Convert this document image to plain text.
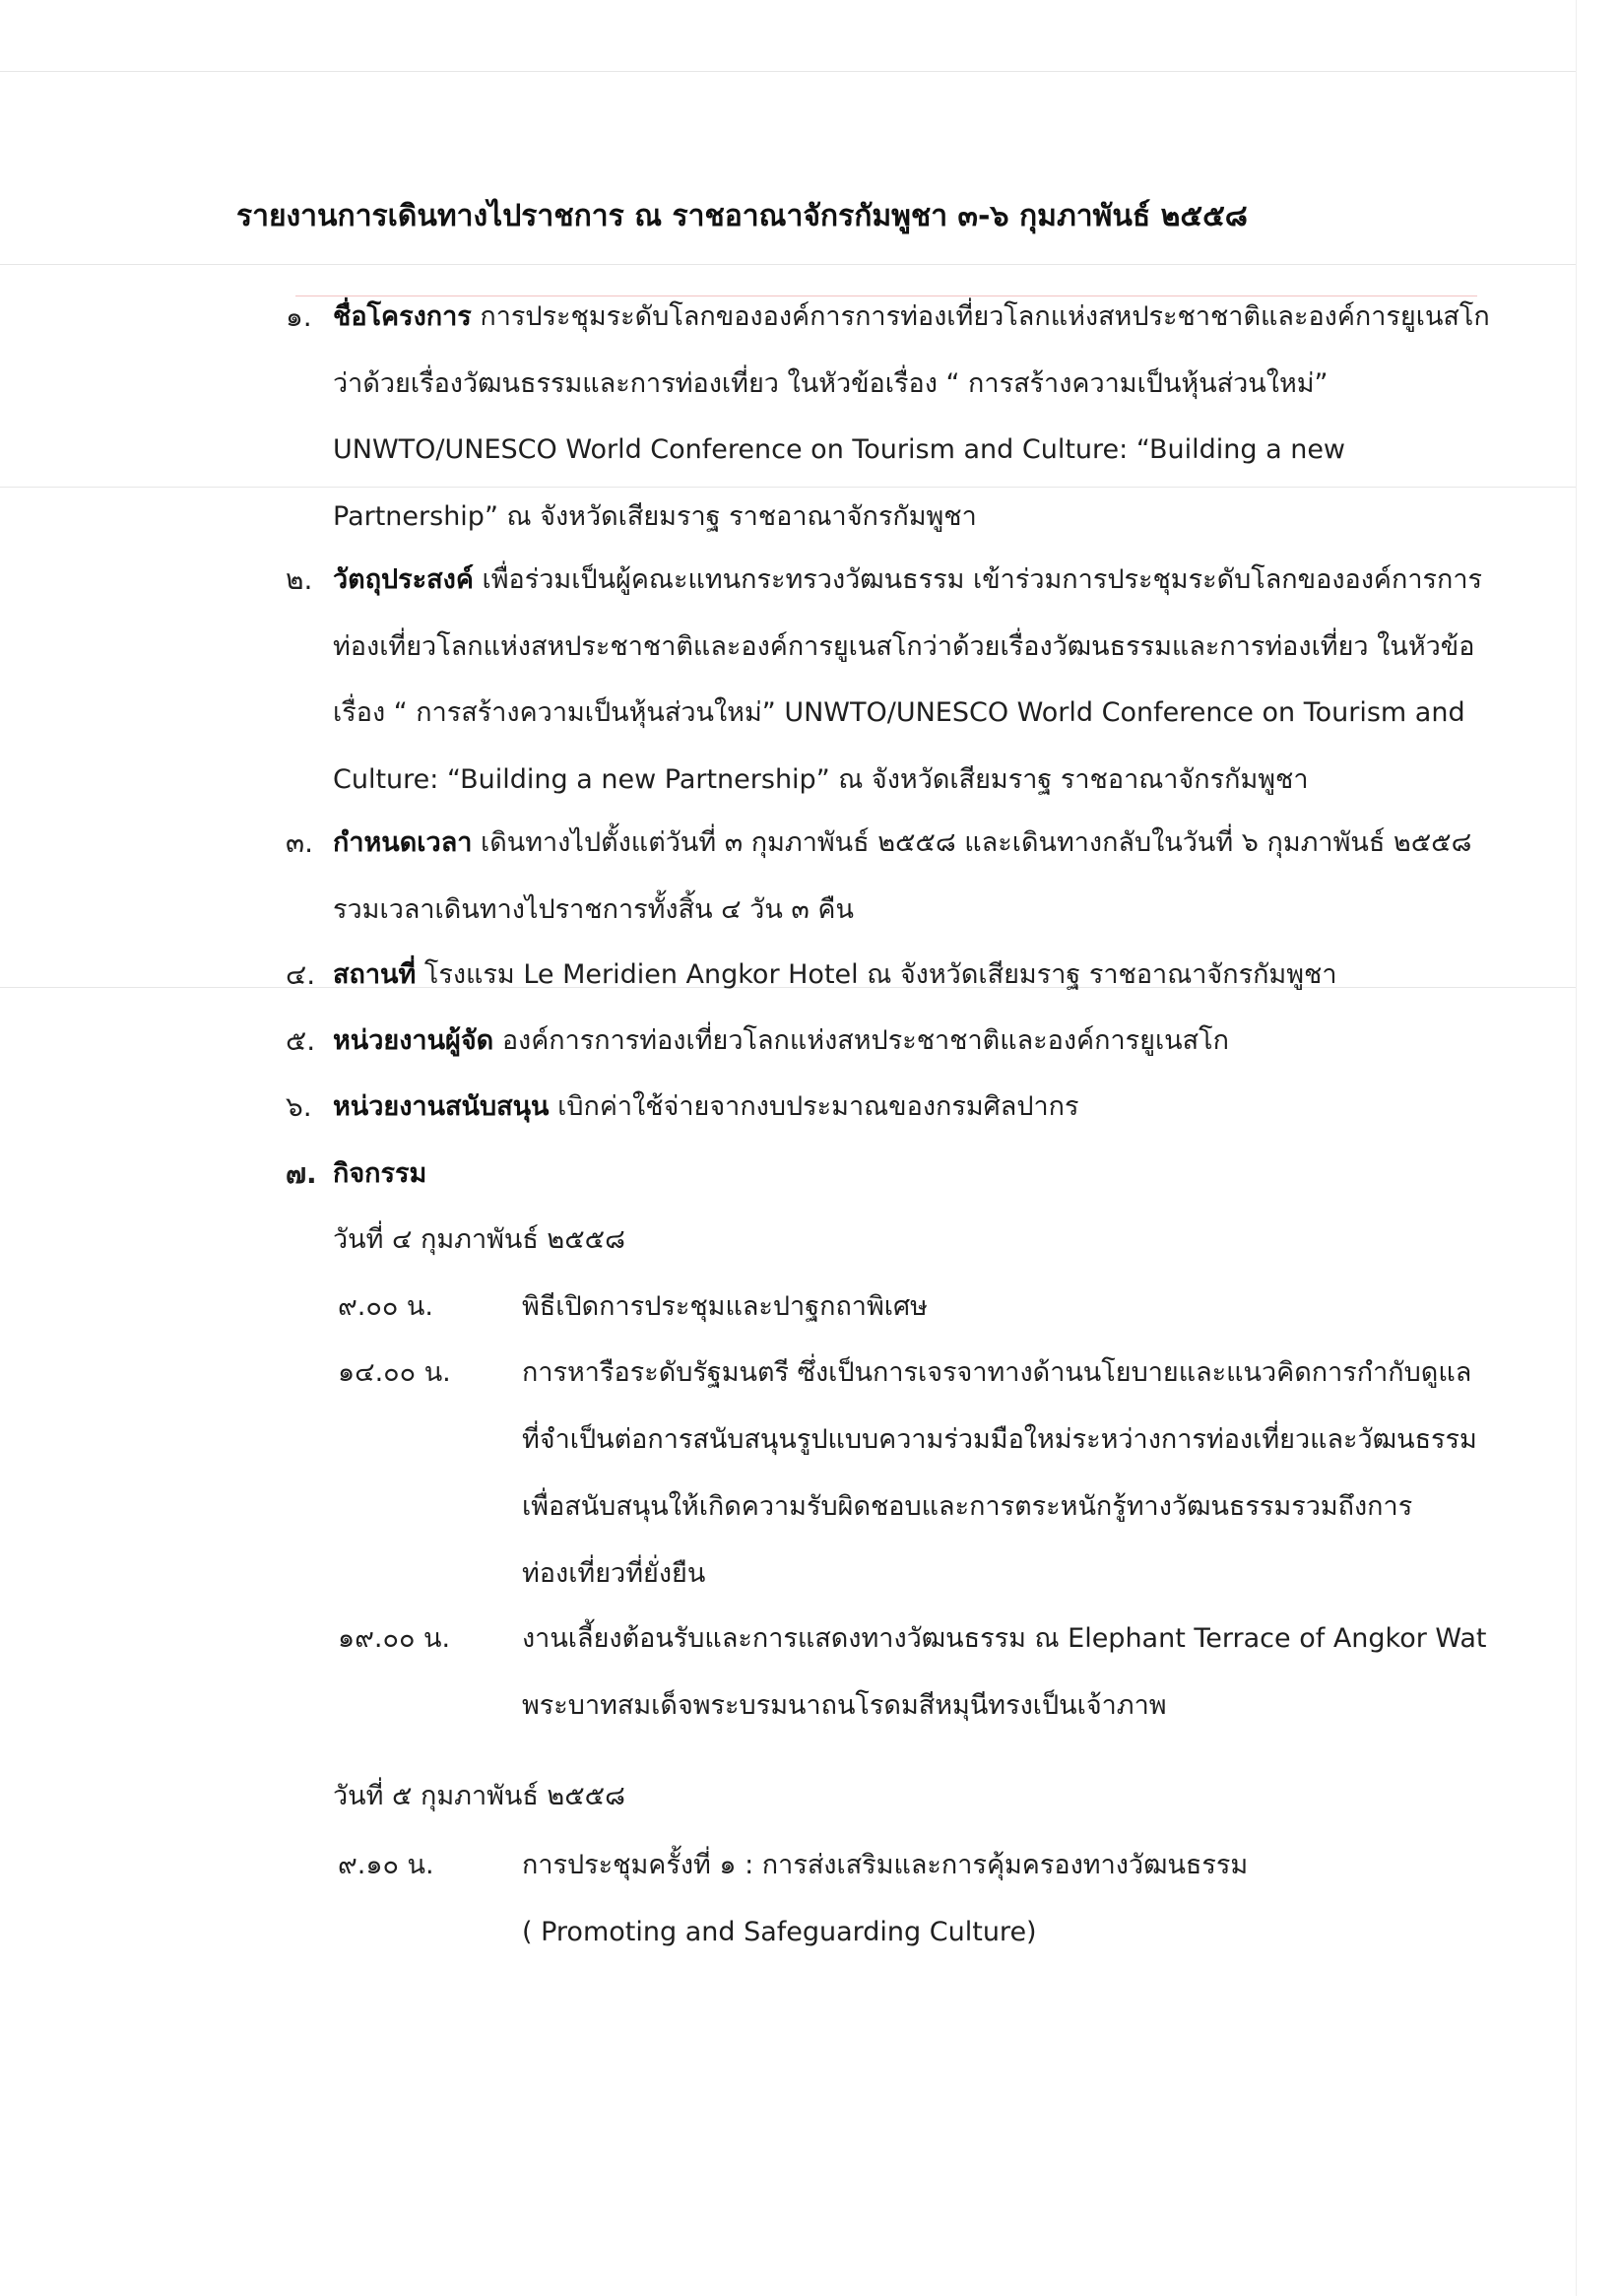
รายงานการเดินทางไปราชการ ณ ราชอาณาจักรกัมพูชา ๓-๖ กุมภาพันธ์ ๒๕๕๘
๑. ชื่อโครงการ การประชุมระดับโลกขององค์การการท่องเที่ยวโลกแห่งสหประชาชาติและองค์การยูเนสโก
ว่าด้วยเรื่องวัฒนธรรมและการท่องเที่ยว ในหัวข้อเรื่อง “ การสร้างความเป็นหุ้นส่วนใหม่”
UNWTO/UNESCO World Conference on Tourism and Culture: “Building a new
Partnership” ณ จังหวัดเสียมราฐ ราชอาณาจักรกัมพูชา
๒. วัตถุประสงค์ เพื่อร่วมเป็นผู้คณะแทนกระทรวงวัฒนธรรม เข้าร่วมการประชุมระดับโลกขององค์การการ
ท่องเที่ยวโลกแห่งสหประชาชาติและองค์การยูเนสโกว่าด้วยเรื่องวัฒนธรรมและการท่องเที่ยว ในหัวข้อ
เรื่อง “ การสร้างความเป็นหุ้นส่วนใหม่” UNWTO/UNESCO World Conference on Tourism and
Culture: “Building a new Partnership” ณ จังหวัดเสียมราฐ ราชอาณาจักรกัมพูชา
๓. กำหนดเวลา เดินทางไปตั้งแต่วันที่ ๓ กุมภาพันธ์ ๒๕๕๘ และเดินทางกลับในวันที่ ๖ กุมภาพันธ์ ๒๕๕๘
รวมเวลาเดินทางไปราชการทั้งสิ้น ๔ วัน ๓ คืน
๔. สถานที่ โรงแรม Le Meridien Angkor Hotel ณ จังหวัดเสียมราฐ ราชอาณาจักรกัมพูชา
๕. หน่วยงานผู้จัด องค์การการท่องเที่ยวโลกแห่งสหประชาชาติและองค์การยูเนสโก
๖. หน่วยงานสนับสนุน เบิกค่าใช้จ่ายจากงบประมาณของกรมศิลปากร
๗. กิจกรรม
วันที่ ๔ กุมภาพันธ์ ๒๕๕๘
๙.๐๐ น.	พิธีเปิดการประชุมและปาฐกถาพิเศษ
๑๔.๐๐ น.	การหารือระดับรัฐมนตรี ซึ่งเป็นการเจรจาทางด้านนโยบายและแนวคิดการกำกับดูแล
ที่จำเป็นต่อการสนับสนุนรูปแบบความร่วมมือใหม่ระหว่างการท่องเที่ยวและวัฒนธรรม
เพื่อสนับสนุนให้เกิดความรับผิดชอบและการตระหนักรู้ทางวัฒนธรรมรวมถึงการ
ท่องเที่ยวที่ยั่งยืน
๑๙.๐๐ น.	งานเลี้ยงต้อนรับและการแสดงทางวัฒนธรรม ณ Elephant Terrace of Angkor Wat
พระบาทสมเด็จพระบรมนาถนโรดมสีหมุนีทรงเป็นเจ้าภาพ
วันที่ ๕ กุมภาพันธ์ ๒๕๕๘
๙.๑๐ น.	การประชุมครั้งที่ ๑ : การส่งเสริมและการคุ้มครองทางวัฒนธรรม
( Promoting and Safeguarding Culture)
